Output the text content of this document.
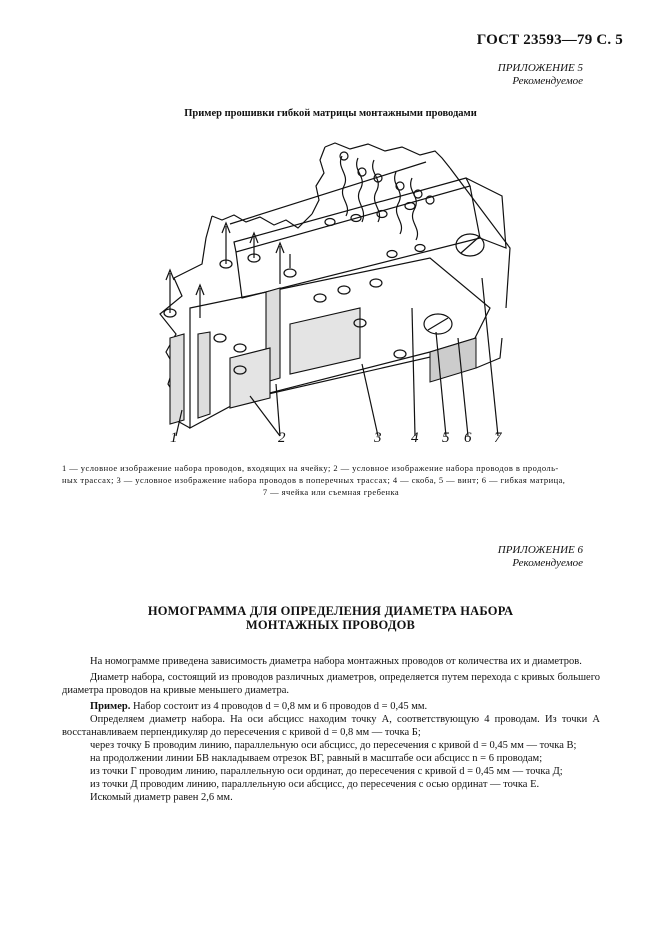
ГОСТ 23593—79 С. 5
ПРИЛОЖЕНИЕ 5
Рекомендуемое
Пример прошивки гибкой матрицы монтажными проводами
1	2	3 4 5 6 7
1 — условное изображение набора проводов, входящих на ячейку; 2 — условное изображение набора проводов в продоль-
ных трассах; 3 — условное изображение набора проводов в поперечных трассах; 4 — скоба, 5 — винт; 6 — гибкая матрица,
7 — ячейка или съемная гребенка
ПРИЛОЖЕНИЕ 6
Рекомендуемое
НОМОГРАММА ДЛЯ ОПРЕДЕЛЕНИЯ ДИАМЕТРА НАБОРА
МОНТАЖНЫХ ПРОВОДОВ

На номограмме приведена зависимость диаметра набора монтажных проводов от количества их и диаметров.

Диаметр набора, состоящий из проводов различных диаметров, определяется путем перехода с кривых большего диаметра проводов на кривые меньшего диаметра.

Пример. Набор состоит из 4 проводов d = 0,8 мм и 6 проводов d = 0,45 мм.

Определяем диаметр набора. На оси абсцисс находим точку А, соответствующую 4 проводам. Из точки А восстанавливаем перпендикуляр до пересечения с кривой d = 0,8 мм — точка Б;

через точку Б проводим линию, параллельную оси абсцисс, до пересечения с кривой d = 0,45 мм — точка В;

на продолжении линии БВ накладываем отрезок ВГ, равный в масштабе оси абсцисс n = 6 проводам;

из точки Г проводим линию, параллельную оси ординат, до пересечения с кривой d = 0,45 мм — точка Д;

из точки Д проводим линию, параллельную оси абсцисс, до пересечения с осью ординат — точка Е.

Искомый диаметр равен 2,6 мм.
